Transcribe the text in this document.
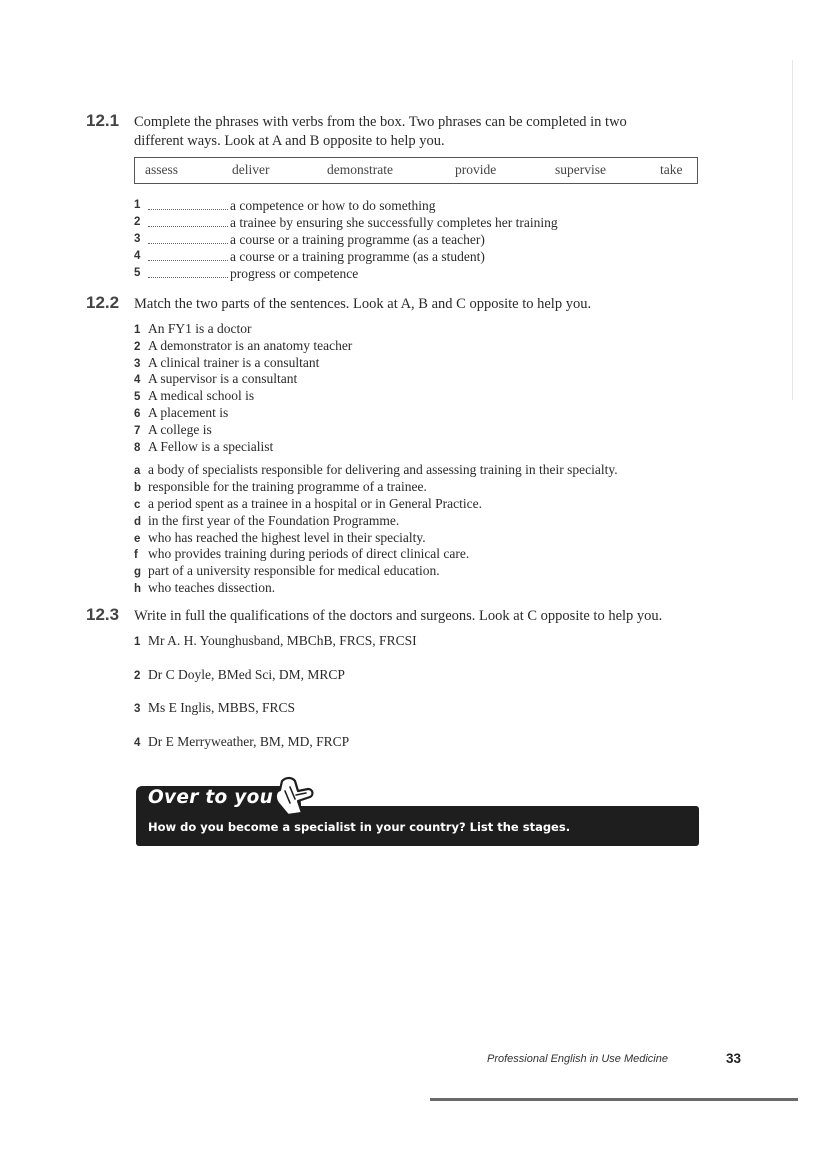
12.1 Complete the phrases with verbs from the box. Two phrases can be completed in two

different ways. Look at A and B opposite to help you.

assess	deliver	demonstrate	provide	supervise	take
1	a competence or how to do something
2	a trainee by ensuring she successfully completes her training
3	a course or a training programme (as a teacher)
4	a course or a training programme (as a student)
5	progress or competence
12.2 Match the two parts of the sentences. Look at A, B and C opposite to help you.

1 An FY1 is a doctor
2 A demonstrator is an anatomy teacher
3 A clinical trainer is a consultant
4 A supervisor is a consultant
5 A medical school is
6 A placement is
7 A college is
8 A Fellow is a specialist
a a body of specialists responsible for delivering and assessing training in their specialty.
b responsible for the training programme of a trainee.
c a period spent as a trainee in a hospital or in General Practice.
d in the first year of the Foundation Programme.
e who has reached the highest level in their specialty.
f who provides training during periods of direct clinical care.
g part of a university responsible for medical education.
h who teaches dissection.
12.3 Write in full the qualifications of the doctors and surgeons. Look at C opposite to help you.

1 Mr A. H. Younghusband, MBChB, FRCS, FRCSI
2 Dr C Doyle, BMed Sci, DM, MRCP
3 Ms E Inglis, MBBS, FRCS
4 Dr E Merryweather, BM, MD, FRCP
Over to you
How do you become a specialist in your country? List the stages.
Professional English in Use Medicine	33
